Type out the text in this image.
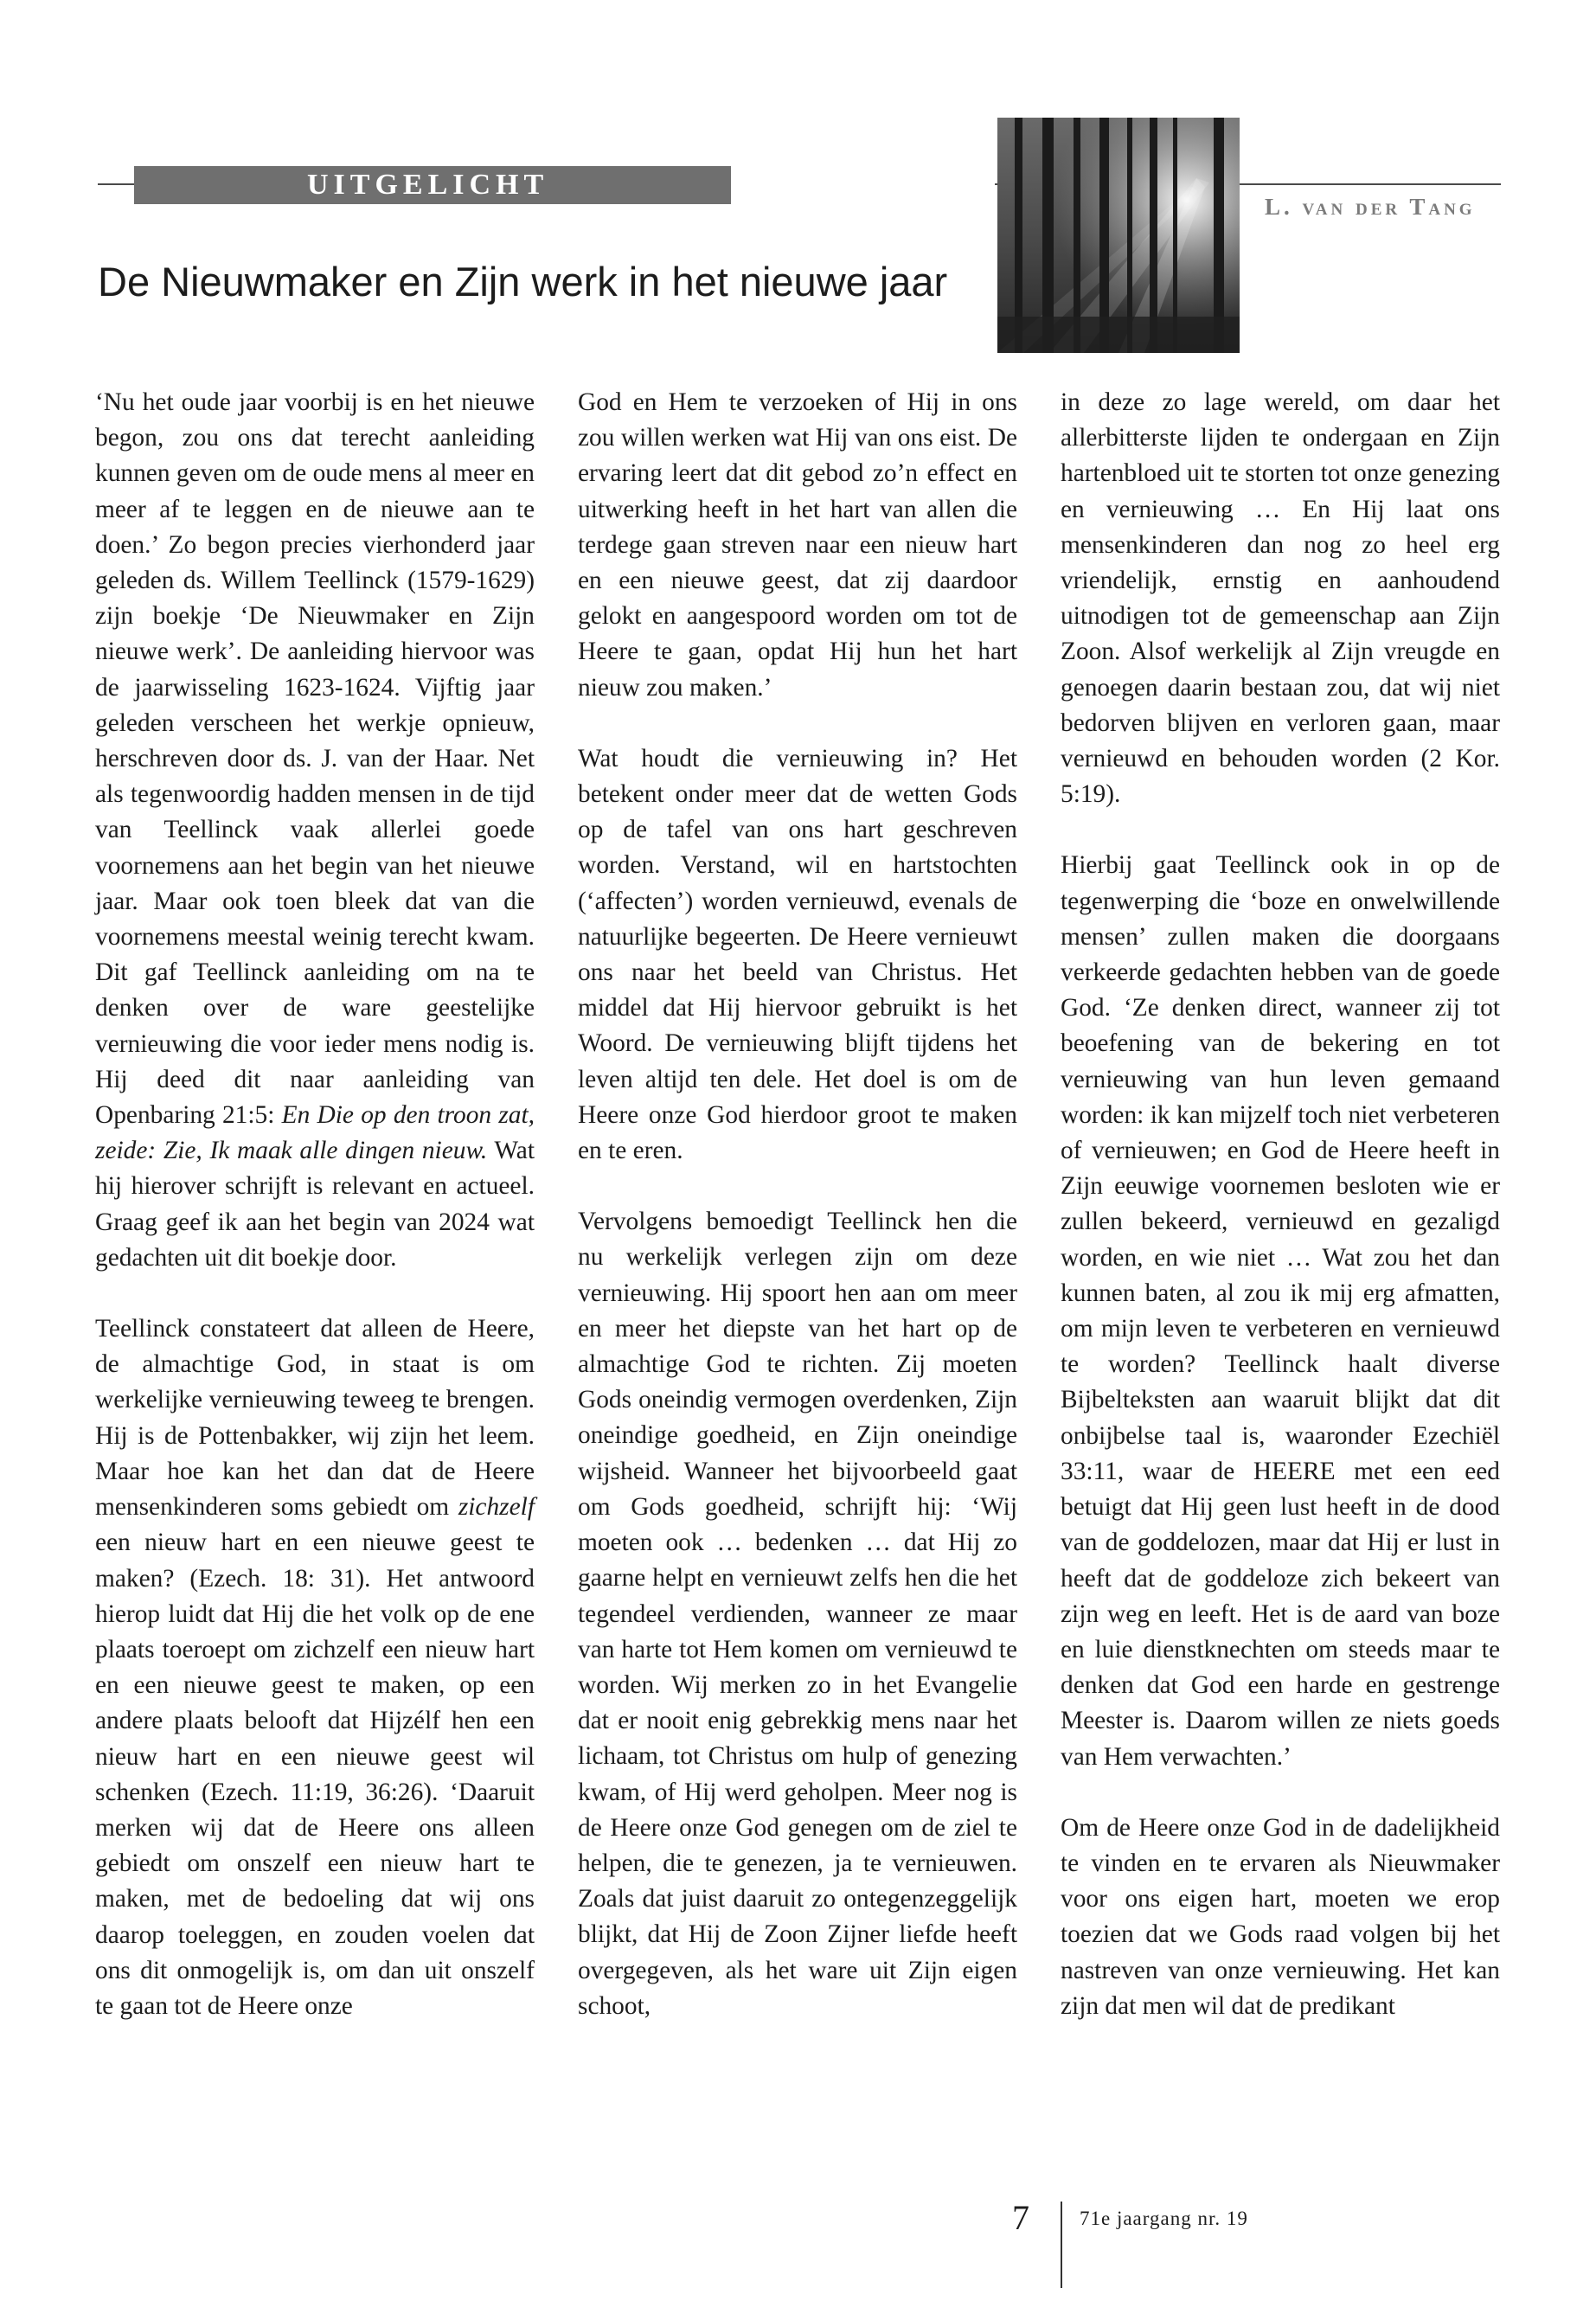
UITGELICHT
L. van der Tang
De Nieuwmaker en Zijn werk in het nieuwe jaar

‘Nu het oude jaar voorbij is en het nieuwe begon, zou ons dat terecht aanleiding kunnen geven om de oude mens al meer en meer af te leggen en de nieuwe aan te doen.’ Zo begon precies vierhonderd jaar geleden ds. Willem Teellinck (1579-1629) zijn boekje ‘De Nieuwmaker en Zijn nieuwe werk’. De aanleiding hiervoor was de jaarwisseling 1623-1624. Vijftig jaar geleden verscheen het werkje opnieuw, herschreven door ds. J. van der Haar. Net als tegenwoordig hadden mensen in de tijd van Teellinck vaak allerlei goede voornemens aan het begin van het nieuwe jaar. Maar ook toen bleek dat van die voornemens meestal weinig terecht kwam. Dit gaf Teellinck aanleiding om na te denken over de ware geestelijke vernieuwing die voor ieder mens nodig is. Hij deed dit naar aanleiding van Openbaring 21:5: En Die op den troon zat, zeide: Zie, Ik maak alle dingen nieuw. Wat hij hierover schrijft is relevant en actueel. Graag geef ik aan het begin van 2024 wat gedachten uit dit boekje door.

Teellinck constateert dat alleen de Heere, de almachtige God, in staat is om werkelijke vernieuwing teweeg te brengen. Hij is de Pottenbakker, wij zijn het leem. Maar hoe kan het dan dat de Heere mensenkinderen soms gebiedt om zichzelf een nieuw hart en een nieuwe geest te maken? (Ezech. 18: 31). Het antwoord hierop luidt dat Hij die het volk op de ene plaats toeroept om zichzelf een nieuw hart en een nieuwe geest te maken, op een andere plaats belooft dat Hijzélf hen een nieuw hart en een nieuwe geest wil schenken (Ezech. 11:19, 36:26). ‘Daaruit merken wij dat de Heere ons alleen gebiedt om onszelf een nieuw hart te maken, met de bedoeling dat wij ons daarop toeleggen, en zouden voelen dat ons dit onmogelijk is, om dan uit onszelf te gaan tot de Heere onze

God en Hem te verzoeken of Hij in ons zou willen werken wat Hij van ons eist. De ervaring leert dat dit gebod zo’n effect en uitwerking heeft in het hart van allen die terdege gaan streven naar een nieuw hart en een nieuwe geest, dat zij daardoor gelokt en aangespoord worden om tot de Heere te gaan, opdat Hij hun het hart nieuw zou maken.’

Wat houdt die vernieuwing in? Het betekent onder meer dat de wetten Gods op de tafel van ons hart geschreven worden. Verstand, wil en hartstochten (‘affecten’) worden vernieuwd, evenals de natuurlijke begeerten. De Heere vernieuwt ons naar het beeld van Christus. Het middel dat Hij hiervoor gebruikt is het Woord. De vernieuwing blijft tijdens het leven altijd ten dele. Het doel is om de Heere onze God hierdoor groot te maken en te eren.

Vervolgens bemoedigt Teellinck hen die nu werkelijk verlegen zijn om deze vernieuwing. Hij spoort hen aan om meer en meer het diepste van het hart op de almachtige God te richten. Zij moeten Gods oneindig vermogen overdenken, Zijn oneindige goedheid, en Zijn oneindige wijsheid. Wanneer het bijvoorbeeld gaat om Gods goedheid, schrijft hij: ‘Wij moeten ook … bedenken … dat Hij zo gaarne helpt en vernieuwt zelfs hen die het tegendeel verdienden, wanneer ze maar van harte tot Hem komen om vernieuwd te worden. Wij merken zo in het Evangelie dat er nooit enig gebrekkig mens naar het lichaam, tot Christus om hulp of genezing kwam, of Hij werd geholpen. Meer nog is de Heere onze God genegen om de ziel te helpen, die te genezen, ja te vernieuwen. Zoals dat juist daaruit zo ontegenzeggelijk blijkt, dat Hij de Zoon Zijner liefde heeft overgegeven, als het ware uit Zijn eigen schoot,

in deze zo lage wereld, om daar het allerbitterste lijden te ondergaan en Zijn hartenbloed uit te storten tot onze genezing en vernieuwing … En Hij laat ons mensenkinderen dan nog zo heel erg vriendelijk, ernstig en aanhoudend uitnodigen tot de gemeenschap aan Zijn Zoon. Alsof werkelijk al Zijn vreugde en genoegen daarin bestaan zou, dat wij niet bedorven blijven en verloren gaan, maar vernieuwd en behouden worden (2 Kor. 5:19).

Hierbij gaat Teellinck ook in op de tegenwerping die ‘boze en onwelwillende mensen’ zullen maken die doorgaans verkeerde gedachten hebben van de goede God. ‘Ze denken direct, wanneer zij tot beoefening van de bekering en tot vernieuwing van hun leven gemaand worden: ik kan mijzelf toch niet verbeteren of vernieuwen; en God de Heere heeft in Zijn eeuwige voornemen besloten wie er zullen bekeerd, vernieuwd en gezaligd worden, en wie niet … Wat zou het dan kunnen baten, al zou ik mij erg afmatten, om mijn leven te verbeteren en vernieuwd te worden? Teellinck haalt diverse Bijbelteksten aan waaruit blijkt dat dit onbijbelse taal is, waaronder Ezechiël 33:11, waar de HEERE met een eed betuigt dat Hij geen lust heeft in de dood van de goddelozen, maar dat Hij er lust in heeft dat de goddeloze zich bekeert van zijn weg en leeft. Het is de aard van boze en luie dienstknechten om steeds maar te denken dat God een harde en gestrenge Meester is. Daarom willen ze niets goeds van Hem verwachten.’

Om de Heere onze God in de dadelijkheid te vinden en te ervaren als Nieuwmaker voor ons eigen hart, moeten we erop toezien dat we Gods raad volgen bij het nastreven van onze vernieuwing. Het kan zijn dat men wil dat de predikant

7	71e jaargang nr. 19
